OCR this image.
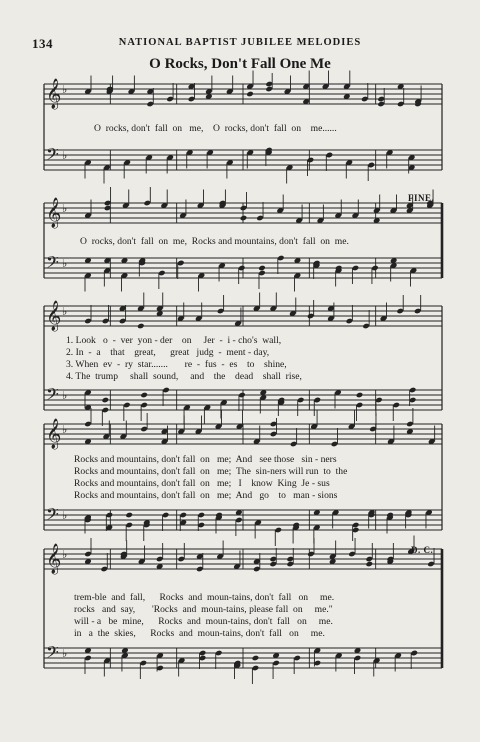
134	NATIONAL BAPTIST JUBILEE MELODIES
O Rocks, Don't Fall One Me
𝄞 ♭
𝄢 ♭
𝄞 ♭
𝄢 ♭
𝄞 ♭
𝄢 ♭
𝄞 ♭
𝄢 ♭
𝄞 ♭
𝄢 ♭
FINE.
D. C.
O  rocks, don't  fall  on   me,    O  rocks, don't  fall  on    me......
O  rocks, don't  fall  on  me,  Rocks and mountains, don't  fall  on  me.
1. Look   o  -  ver  yon - der    on     Jer  -  i - cho's  wall,
2. In  -  a    that    great,      great   judg  -  ment - day,
3. When  ev  -  ry  star.......       re  -  fus  -  es    to    shine,
4. The  trump     shall  sound,     and    the    dead    shall  rise,
Rocks and mountains, don't fall  on   me;  And   see those   sin - ners
Rocks and mountains, don't fall  on   me;  The  sin-ners will run  to  the
Rocks and mountains, don't fall  on   me;   I    know  King  Je - sus
Rocks and mountains, don't fall  on   me;  And   go    to   man - sions
trem-ble  and  fall,      Rocks  and  moun-tains, don't  fall   on     me.
rocks   and  say,       'Rocks  and  moun-tains, please fall  on     me."
will - a   be  mine,      Rocks  and  moun-tains, don't  fall   on     me.
in   a  the  skies,      Rocks  and  moun-tains, don't  fall   on     me.
